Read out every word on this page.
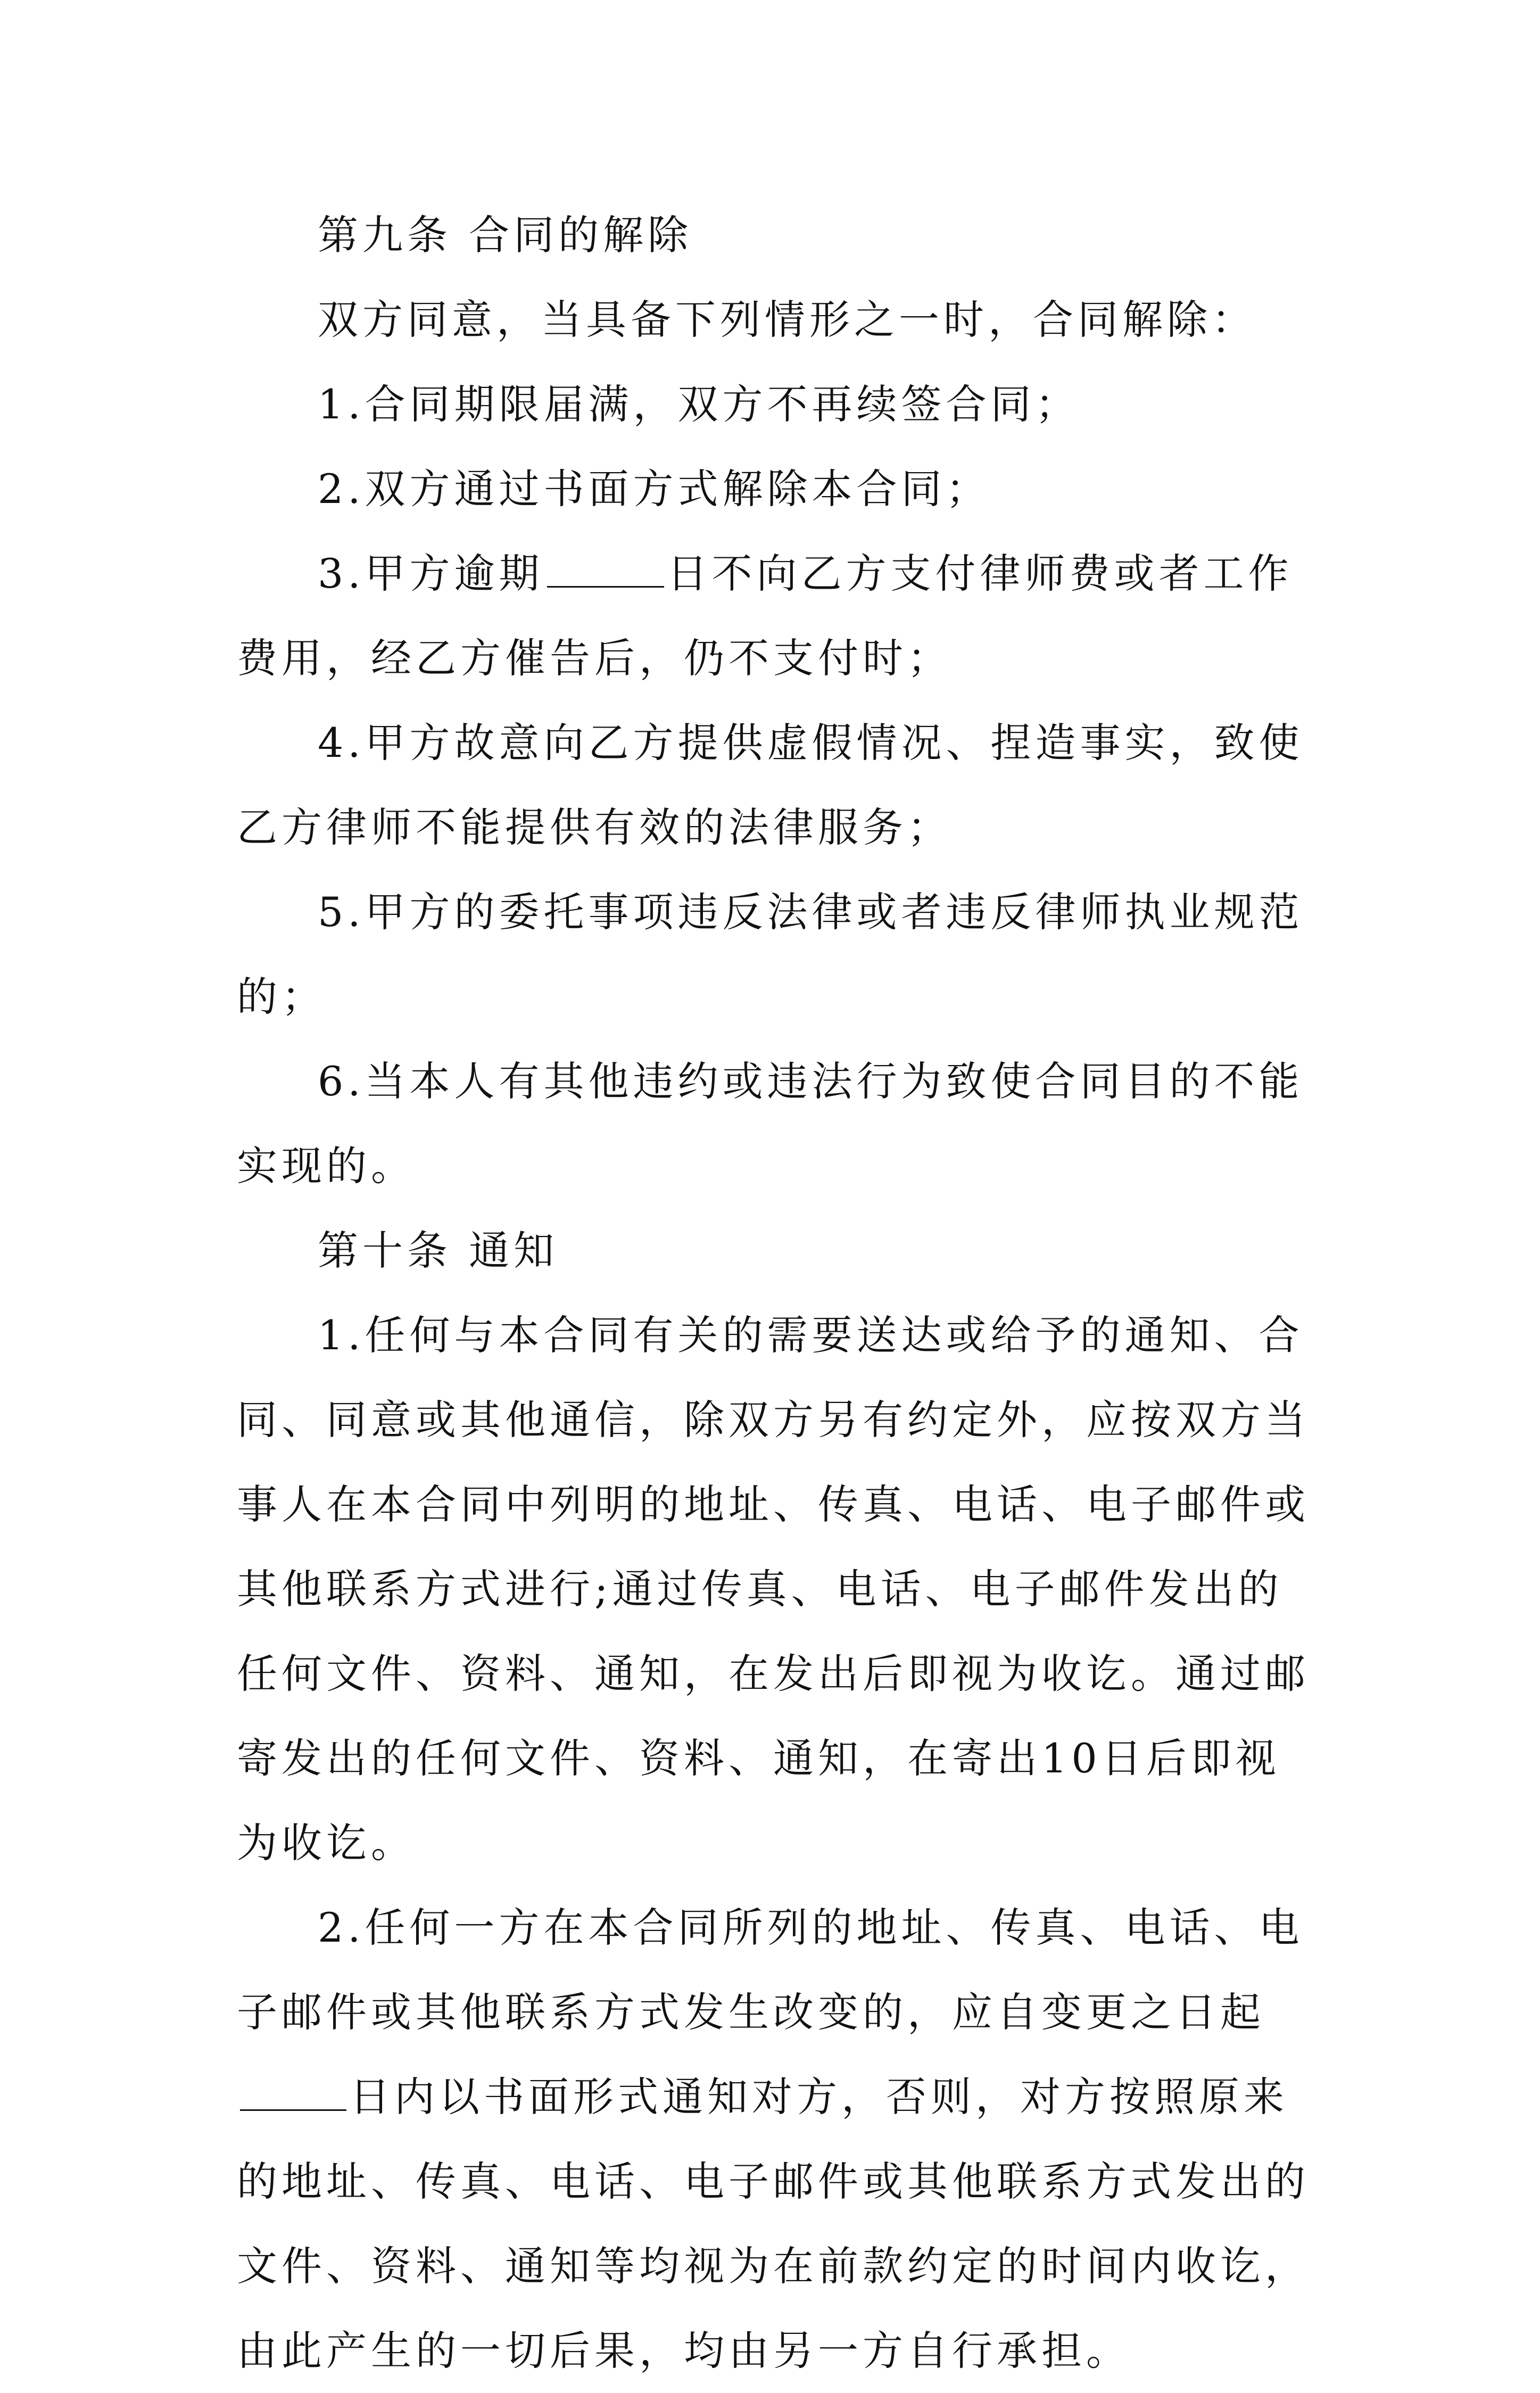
第九条 合同的解除

双方同意，当具备下列情形之一时，合同解除：

1.合同期限届满，双方不再续签合同；

2.双方通过书面方式解除本合同；

3.甲方逾期	日不向乙方支付律师费或者工作费用，经乙方催告后，仍不支付时；

4.甲方故意向乙方提供虚假情况、捏造事实，致使乙方律师不能提供有效的法律服务；

5.甲方的委托事项违反法律或者违反律师执业规范的；

6.当本人有其他违约或违法行为致使合同目的不能实现的。

第十条 通知

1.任何与本合同有关的需要送达或给予的通知、合同、同意或其他通信，除双方另有约定外，应按双方当事人在本合同中列明的地址、传真、电话、电子邮件或其他联系方式进行;通过传真、电话、电子邮件发出的任何文件、资料、通知，在发出后即视为收讫。通过邮寄发出的任何文件、资料、通知，在寄出10日后即视为收讫。

2.任何一方在本合同所列的地址、传真、电话、电子邮件或其他联系方式发生改变的，应自变更之日起日内以书面形式通知对方，否则，对方按照原来的地址、传真、电话、电子邮件或其他联系方式发出的文件、资料、通知等均视为在前款约定的时间内收讫，由此产生的一切后果，均由另一方自行承担。
